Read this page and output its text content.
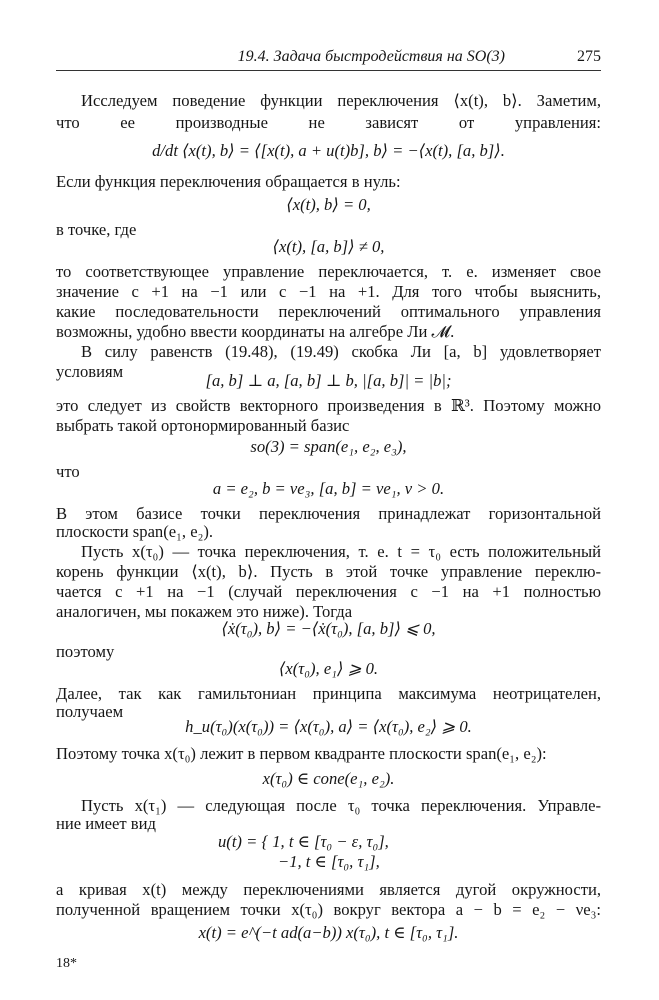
19.4. Задача быстродействия на SO(3)	275
Исследуем поведение функции переключения ⟨x(t), b⟩. Заметим,
что ее производные не зависят от управления:
d/dt ⟨x(t), b⟩ = ⟨[x(t), a + u(t)b], b⟩ = −⟨x(t), [a, b]⟩.
Если функция переключения обращается в нуль:
⟨x(t), b⟩ = 0,
в точке, где
⟨x(t), [a, b]⟩ ≠ 0,
то соответствующее управление переключается, т. е. изменяет свое
значение с +1 на −1 или с −1 на +1. Для того чтобы выяснить,
какие последовательности переключений оптимального управления
возможны, удобно ввести координаты на алгебре Ли 𝓜.
В силу равенств (19.48), (19.49) скобка Ли [a, b] удовлетворяет
условиям	[a, b] ⊥ a, [a, b] ⊥ b, |[a, b]| = |b|;
это следует из свойств векторного произведения в ℝ³. Поэтому можно
выбрать такой ортонормированный базис
so(3) = span(e₁, e₂, e₃),
что
a = e₂, b = νe₃, [a, b] = νe₁, ν > 0.
В этом базисе точки переключения принадлежат горизонтальной
плоскости span(e₁, e₂).
Пусть x(τ₀) — точка переключения, т. е. t = τ₀ есть положительный
корень функции ⟨x(t), b⟩. Пусть в этой точке управление переклю-
чается с +1 на −1 (случай переключения с −1 на +1 полностью
аналогичен, мы покажем это ниже). Тогда
⟨ẋ(τ₀), b⟩ = −⟨ẋ(τ₀), [a, b]⟩ ⩽ 0,
поэтому
⟨x(τ₀), e₁⟩ ⩾ 0.
Далее, так как гамильтониан принципа максимума неотрицателен,
получаем
h_u(τ₀)(x(τ₀)) = ⟨x(τ₀), a⟩ = ⟨x(τ₀), e₂⟩ ⩾ 0.
Поэтому точка x(τ₀) лежит в первом квадранте плоскости span(e₁, e₂):
x(τ₀) ∈ cone(e₁, e₂).
Пусть x(τ₁) — следующая после τ₀ точка переключения. Управле-
ние имеет вид
u(t) = { 1, t ∈ [τ₀ − ε, τ₀],
−1, t ∈ [τ₀, τ₁],
а кривая x(t) между переключениями является дугой окружности,
полученной вращением точки x(τ₀) вокруг вектора a − b = e₂ − νe₃:
x(t) = e^(−t ad(a−b)) x(τ₀), t ∈ [τ₀, τ₁].
18*
